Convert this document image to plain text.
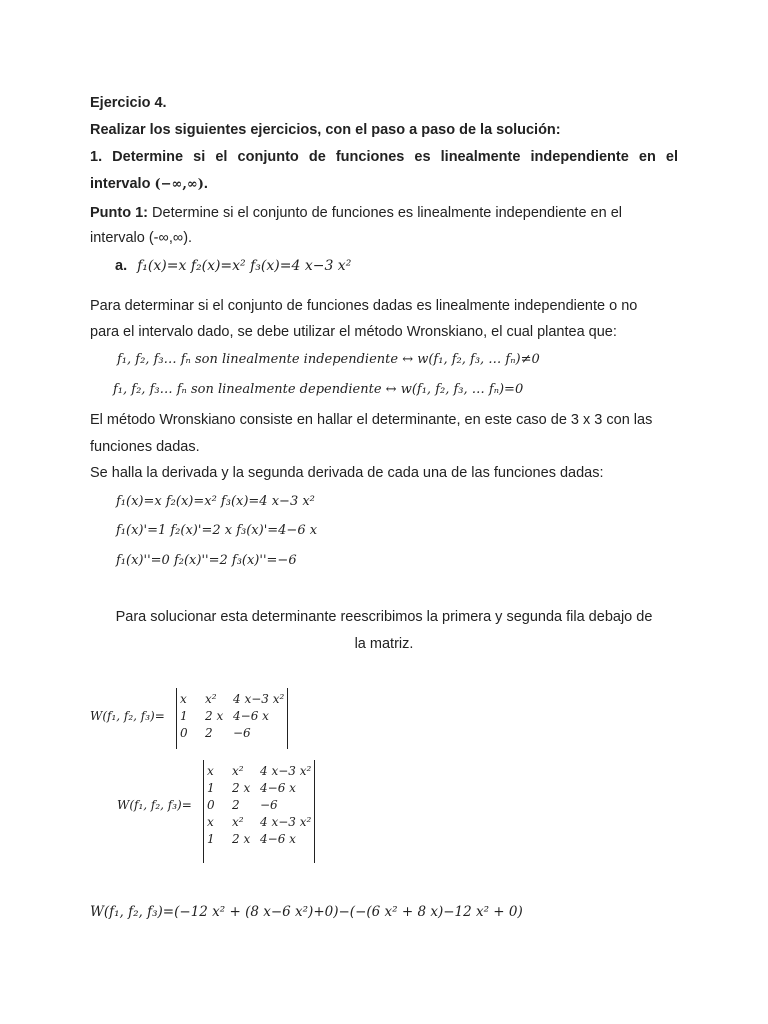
Ejercicio 4.
Realizar los siguientes ejercicios, con el paso a paso de la solución:
1. Determine si el conjunto de funciones es linealmente independiente en el
intervalo (−∞,∞).
Punto 1: Determine si el conjunto de funciones es linealmente independiente en el
intervalo (-∞,∞).
a. f₁(x)=x f₂(x)=x² f₃(x)=4 x−3 x²
Para determinar si el conjunto de funciones dadas es linealmente independiente o no
para el intervalo dado, se debe utilizar el método Wronskiano, el cual plantea que:
f₁, f₂, f₃… fₙ son linealmente independiente ↔ w(f₁, f₂, f₃, … fₙ)≠0
f₁, f₂, f₃… fₙ son linealmente dependiente ↔ w(f₁, f₂, f₃, … fₙ)=0
El método Wronskiano consiste en hallar el determinante, en este caso de 3 x 3 con las
funciones dadas.
Se halla la derivada y la segunda derivada de cada una de las funciones dadas:
f₁(x)=x f₂(x)=x² f₃(x)=4 x−3 x²
f₁(x)'=1 f₂(x)'=2 x f₃(x)'=4−6 x
f₁(x)''=0 f₂(x)''=2 f₃(x)''=−6
Para solucionar esta determinante reescribimos la primera y segunda fila debajo de
la matriz.
W(f₁, f₂, f₃)=
x x² 4 x−3 x²
1 2 x 4−6 x
0 2 −6
W(f₁, f₂, f₃)=
x x² 4 x−3 x²
1 2 x 4−6 x
0 2 −6
x x² 4 x−3 x²
1 2 x 4−6 x
W(f₁, f₂, f₃)=(−12 x² + (8 x−6 x²)+0)−(−(6 x² + 8 x)−12 x² + 0)
